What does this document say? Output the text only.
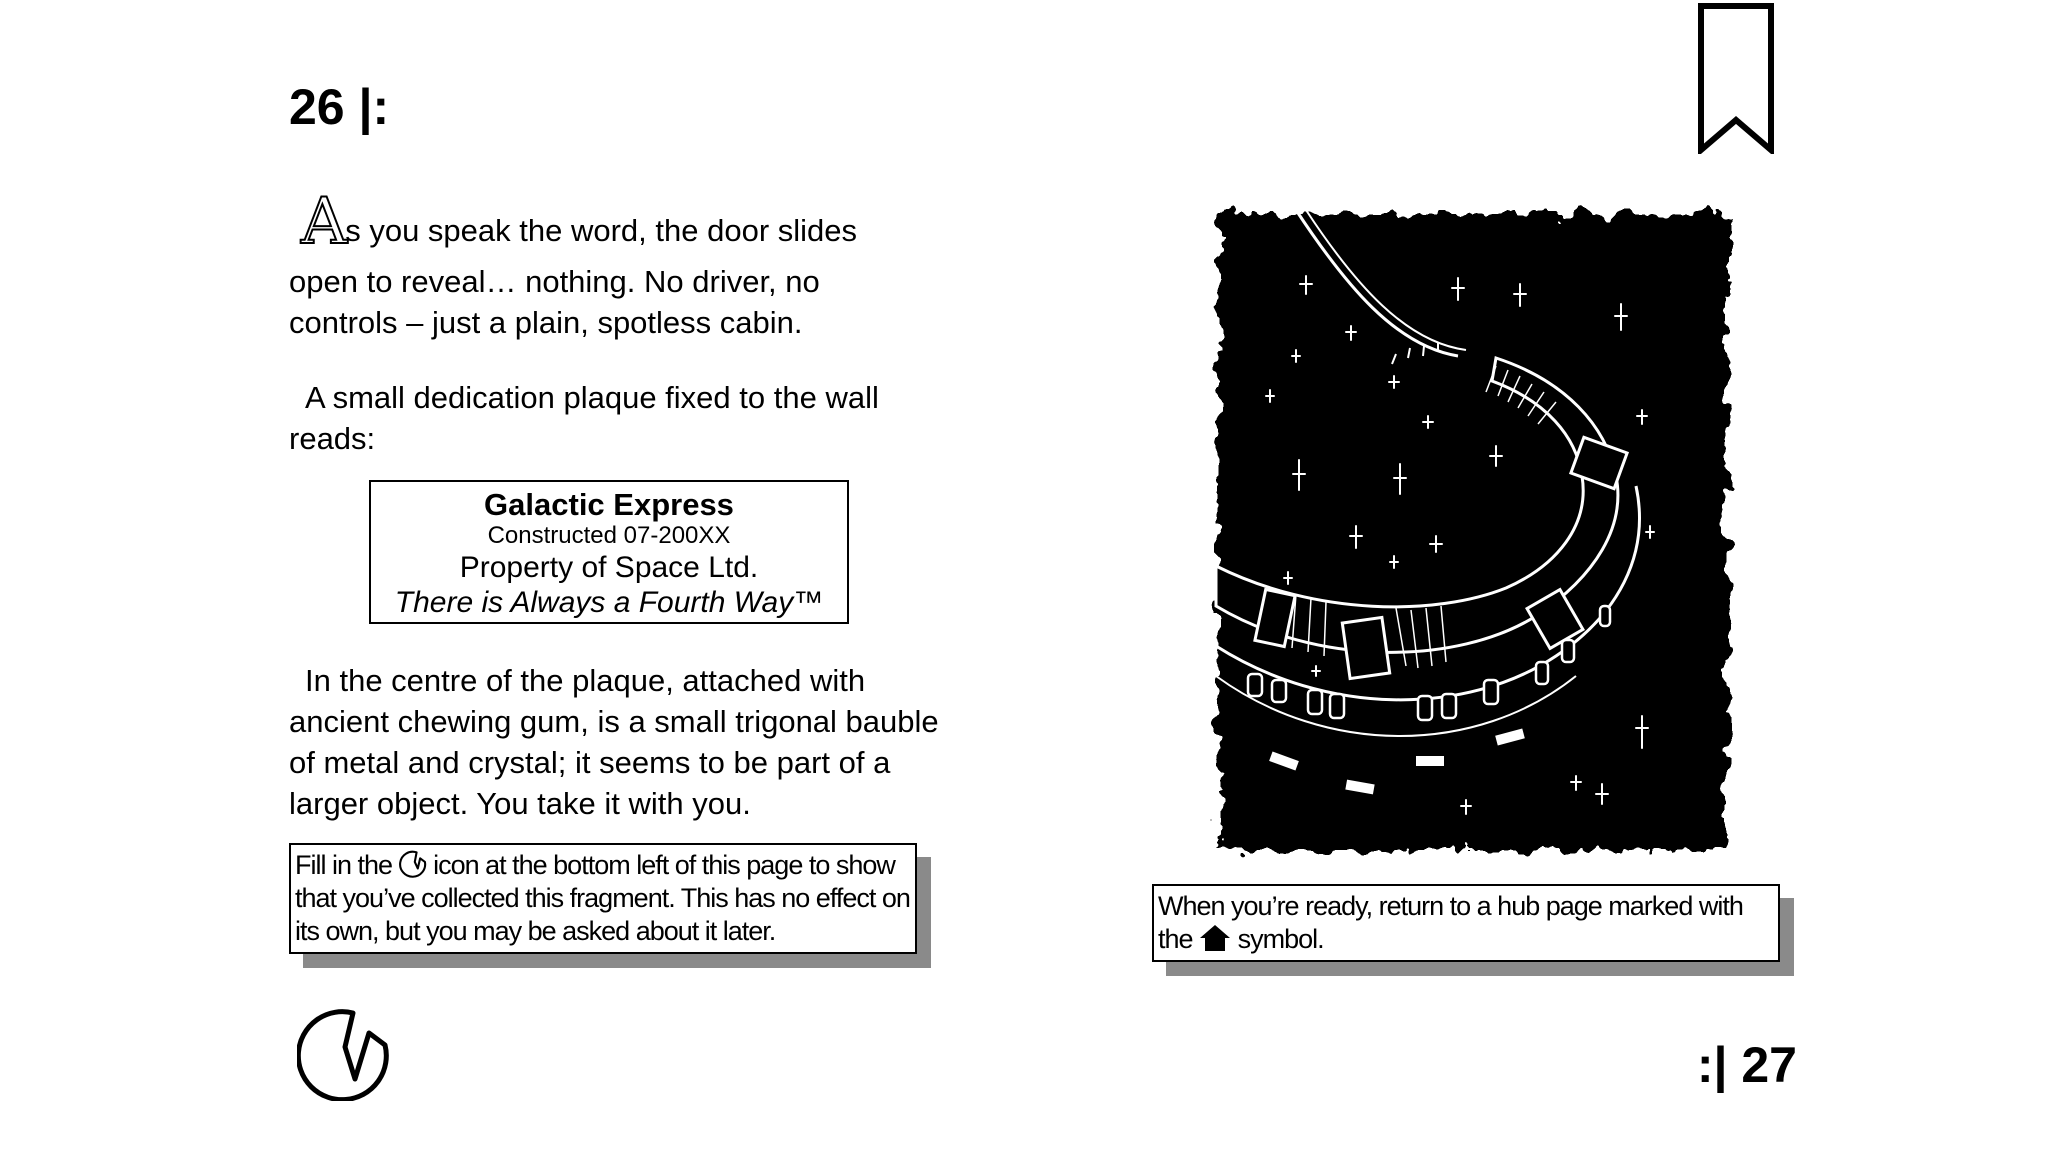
26 |:
As you speak the word, the door slides
open to reveal… nothing. No driver, no controls – just a plain, spotless cabin.
A small dedication plaque fixed to the wall reads:
Galactic Express
Constructed 07-200XX
Property of Space Ltd.
There is Always a Fourth Way™
In the centre of the plaque, attached with ancient chewing gum, is a small trigonal bauble of metal and crystal; it seems to be part of a larger object. You take it with you.
Fill in the icon at the bottom left of this page to show that you’ve collected this fragment. This has no effect on its own, but you may be asked about it later.
When you’re ready, return to a hub page marked with the symbol.
:| 27
